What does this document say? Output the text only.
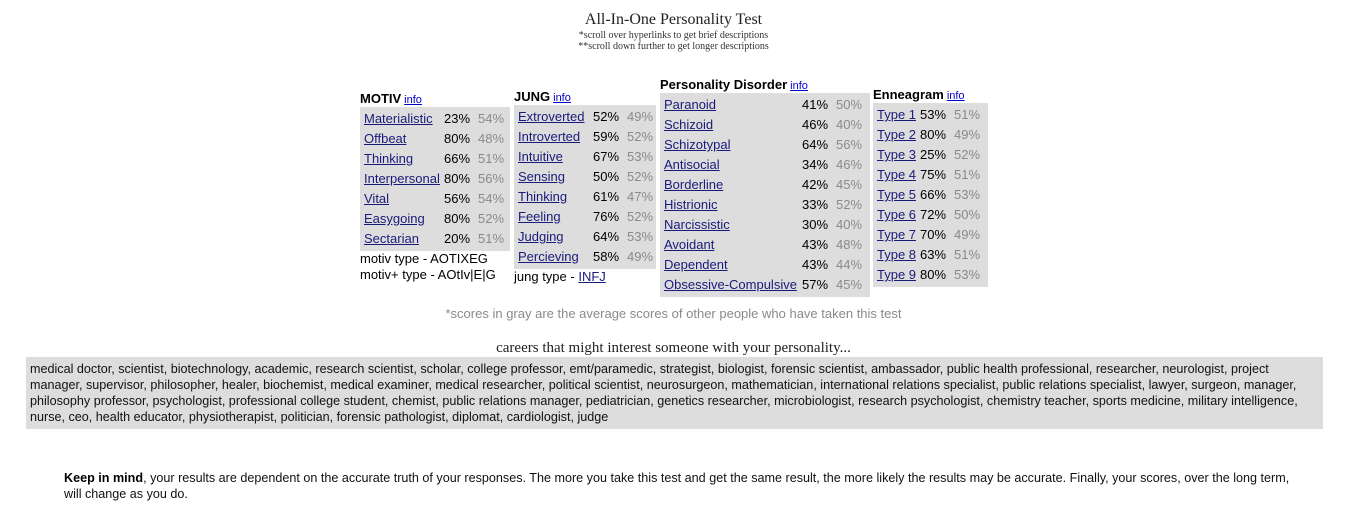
All-In-One Personality Test
*scroll over hyperlinks to get brief descriptions
**scroll down further to get longer descriptions
MOTIV info
Materialistic 23% 54%
Offbeat	80% 48%
Thinking 66% 51%
Interpersonal 80% 56%
Vital	56% 54%
Easygoing 80% 52%
Sectarian 20% 51%
motiv type - AOTIXEG
motiv+ type - AOtIv|E|G
JUNG info
Extroverted 52% 49%
Introverted 59% 52%
Intuitive 67% 53%
Sensing 50% 52%
Thinking 61% 47%
Feeling 76% 52%
Judging 64% 53%
Percieving 58% 49%
jung type - INFJ
Personality Disorder info
Paranoid	41% 50%
Schizoid	46% 40%
Schizotypal	64% 56%
Antisocial	34% 46%
Borderline	42% 45%
Histrionic	33% 52%
Narcissistic	30% 40%
Avoidant	43% 48%
Dependent	43% 44%
Obsessive-Compulsive 57% 45%
Enneagram info
Type 1 53% 51%
Type 2 80% 49%
Type 3 25% 52%
Type 4 75% 51%
Type 5 66% 53%
Type 6 72% 50%
Type 7 70% 49%
Type 8 63% 51%
Type 9 80% 53%
*scores in gray are the average scores of other people who have taken this test
careers that might interest someone with your personality...
medical doctor, scientist, biotechnology, academic, research scientist, scholar, college professor, emt/paramedic, strategist, biologist, forensic scientist, ambassador, public health professional, researcher, neurologist, project manager, supervisor, philosopher, healer, biochemist, medical examiner, medical researcher, political scientist, neurosurgeon, mathematician, international relations specialist, public relations specialist, lawyer, surgeon, manager, philosophy professor, psychologist, professional college student, chemist, public relations manager, pediatrician, genetics researcher, microbiologist, research psychologist, chemistry teacher, sports medicine, military intelligence, nurse, ceo, health educator, physiotherapist, politician, forensic pathologist, diplomat, cardiologist, judge
Keep in mind, your results are dependent on the accurate truth of your responses. The more you take this test and get the same result, the more likely the results may be accurate. Finally, your scores, over the long term, will change as you do.
